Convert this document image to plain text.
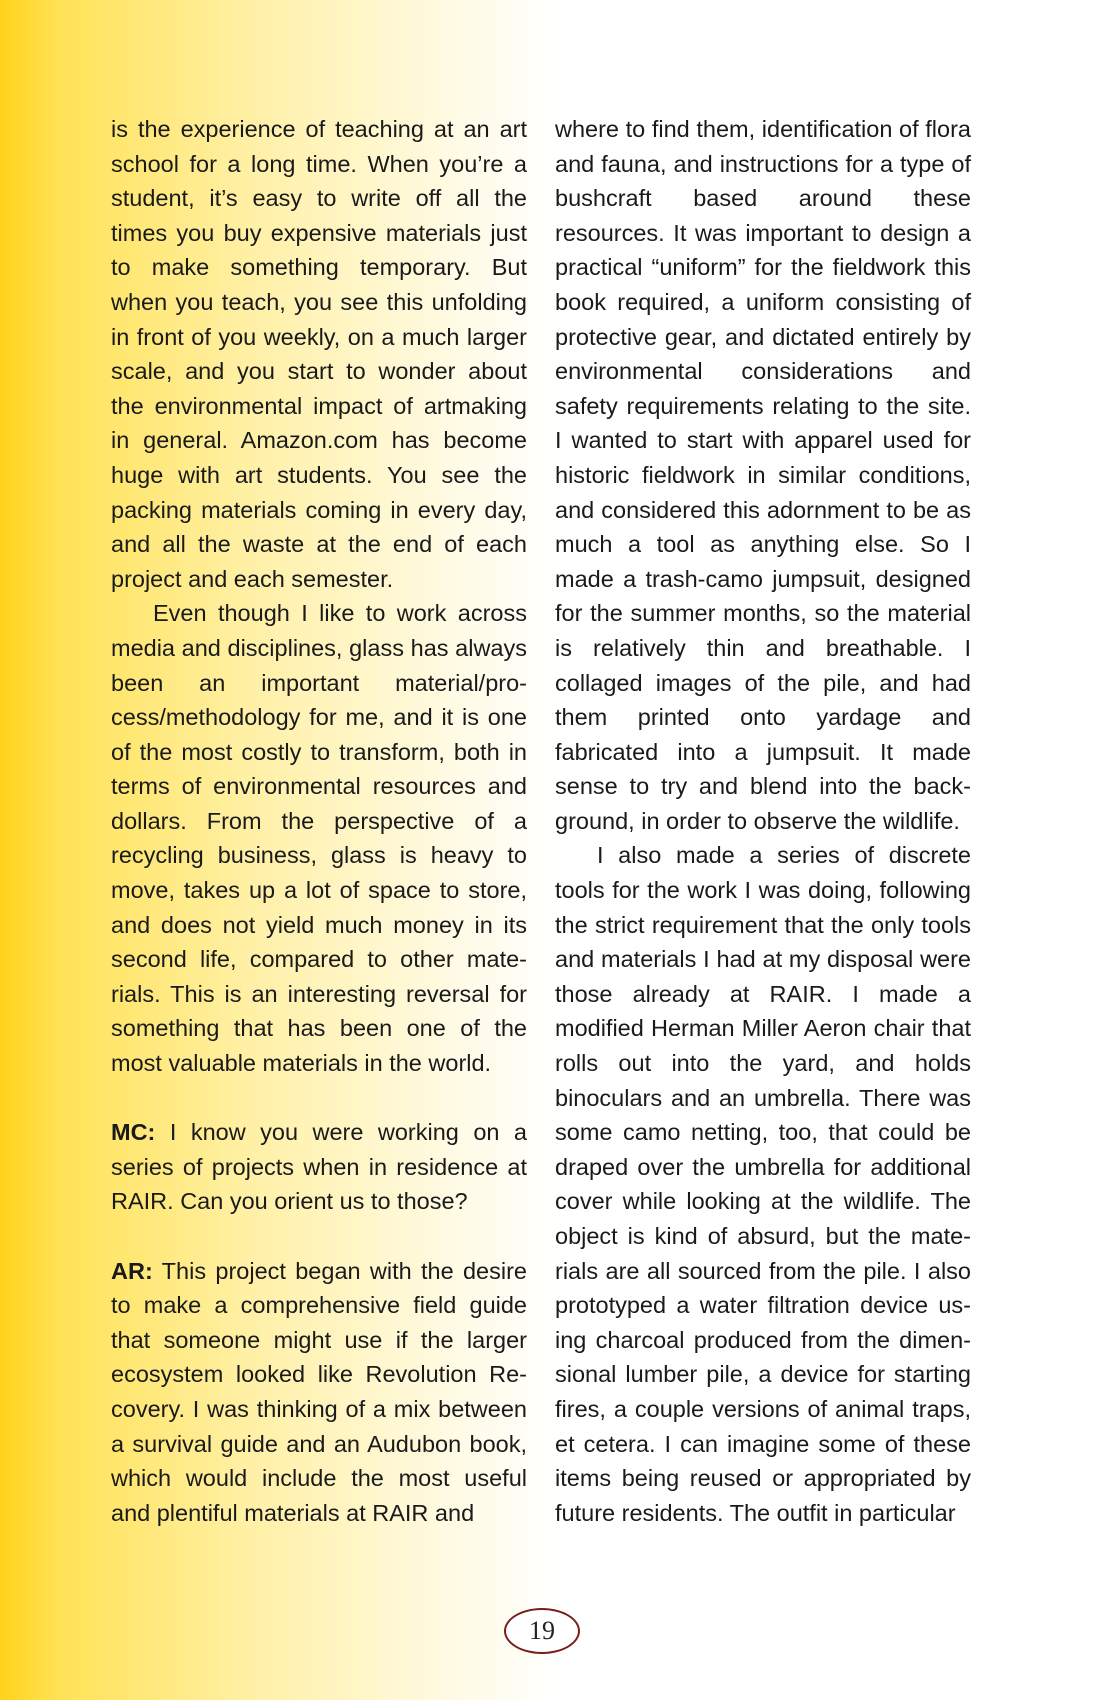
is the experience of teaching at an art school for a long time. When you’re a student, it’s easy to write off all the times you buy expensive materials just to make something temporary. But when you teach, you see this unfolding in front of you weekly, on a much larger scale, and you start to wonder about the environmental impact of artmaking in general. Amazon.com has become huge with art students. You see the packing materials coming in every day, and all the waste at the end of each project and each semester.

Even though I like to work across media and disciplines, glass has always been an important material/process/methodology for me, and it is one of the most costly to transform, both in terms of environmental resources and dollars. From the perspective of a recycling business, glass is heavy to move, takes up a lot of space to store, and does not yield much money in its second life, compared to other materials. This is an interesting reversal for something that has been one of the most valuable materials in the world.

MC: I know you were working on a series of projects when in residence at RAIR. Can you orient us to those?

AR: This project began with the desire to make a comprehensive field guide that someone might use if the larger ecosystem looked like Revolution Recovery. I was thinking of a mix between a survival guide and an Audubon book, which would include the most useful and plentiful materials at RAIR and

where to find them, identification of flora and fauna, and instructions for a type of bushcraft based around these resources. It was important to design a practical “uniform” for the fieldwork this book required, a uniform consisting of protective gear, and dictated entirely by environmental considerations and safety requirements relating to the site. I wanted to start with apparel used for historic fieldwork in similar conditions, and considered this adornment to be as much a tool as anything else. So I made a trash-camo jumpsuit, designed for the summer months, so the material is relatively thin and breathable. I collaged images of the pile, and had them printed onto yardage and fabricated into a jumpsuit. It made sense to try and blend into the background, in order to observe the wildlife.

I also made a series of discrete tools for the work I was doing, following the strict requirement that the only tools and materials I had at my disposal were those already at RAIR. I made a modified Herman Miller Aeron chair that rolls out into the yard, and holds binoculars and an umbrella. There was some camo netting, too, that could be draped over the umbrella for additional cover while looking at the wildlife. The object is kind of absurd, but the materials are all sourced from the pile. I also prototyped a water filtration device using charcoal produced from the dimensional lumber pile, a device for starting fires, a couple versions of animal traps, et cetera. I can imagine some of these items being reused or appropriated by future residents. The outfit in particular

19
